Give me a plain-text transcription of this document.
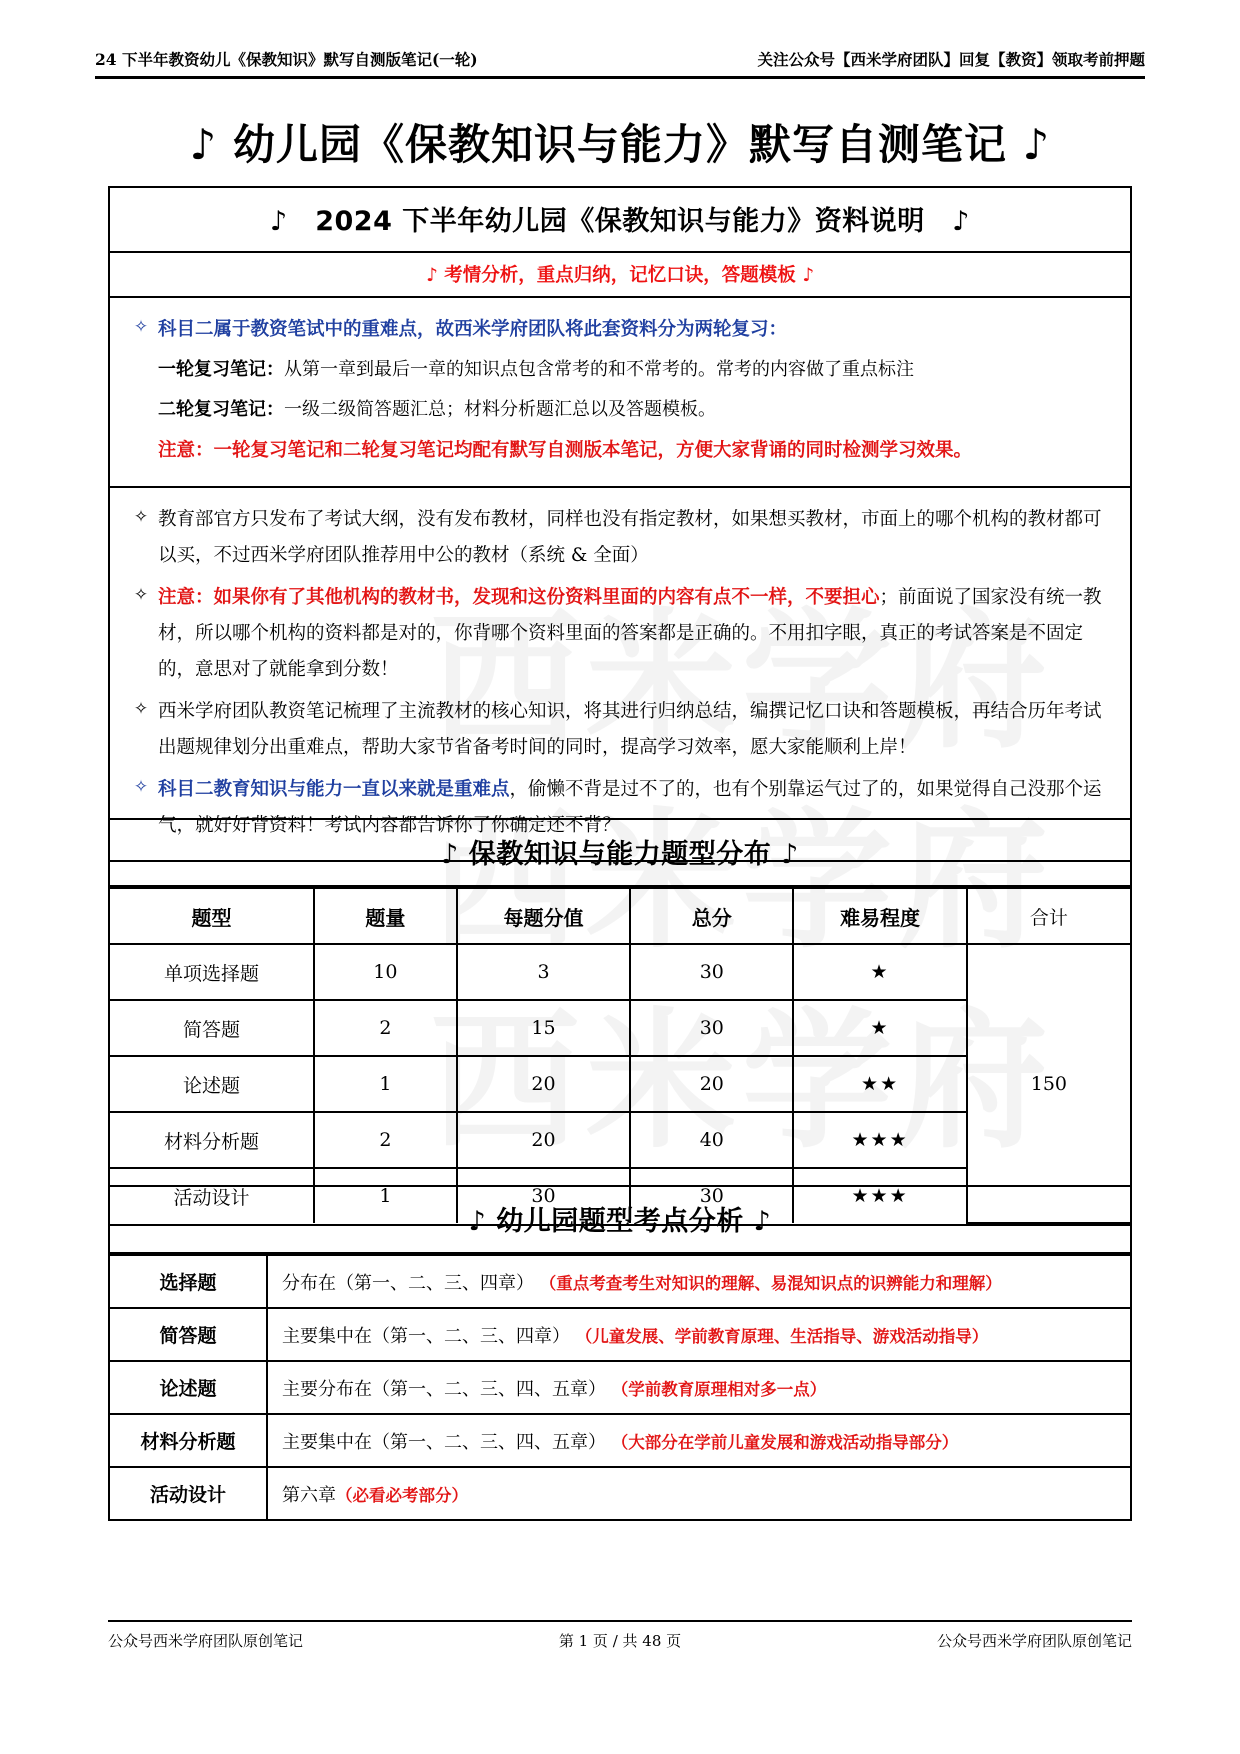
24 下半年教资幼儿《保教知识》默写自测版笔记(一轮)	关注公众号【西米学府团队】回复【教资】领取考前押题
♪ 幼儿园《保教知识与能力》默写自测笔记 ♪
♪　2024 下半年幼儿园《保教知识与能力》资料说明　♪
♪ 考情分析，重点归纳，记忆口诀，答题模板 ♪
✧ 科目二属于教资笔试中的重难点，故西米学府团队将此套资料分为两轮复习：
一轮复习笔记：从第一章到最后一章的知识点包含常考的和不常考的。常考的内容做了重点标注
二轮复习笔记：一级二级简答题汇总；材料分析题汇总以及答题模板。
注意：一轮复习笔记和二轮复习笔记均配有默写自测版本笔记，方便大家背诵的同时检测学习效果。
✧ 教育部官方只发布了考试大纲，没有发布教材，同样也没有指定教材，如果想买教材，市面上的哪个机构的教材都可以买，不过西米学府团队推荐用中公的教材（系统 & 全面）
✧ 注意：如果你有了其他机构的教材书，发现和这份资料里面的内容有点不一样，不要担心；前面说了国家没有统一教材，所以哪个机构的资料都是对的，你背哪个资料里面的答案都是正确的。不用扣字眼，真正的考试答案是不固定的，意思对了就能拿到分数！
✧ 西米学府团队教资笔记梳理了主流教材的核心知识，将其进行归纳总结，编撰记忆口诀和答题模板，再结合历年考试出题规律划分出重难点，帮助大家节省备考时间的同时，提高学习效率，愿大家能顺利上岸！
✧ 科目二教育知识与能力一直以来就是重难点，偷懒不背是过不了的，也有个别靠运气过了的，如果觉得自己没那个运气，就好好背资料！考试内容都告诉你了你确定还不背？
♪ 保教知识与能力题型分布 ♪
题型	题量	每题分值	总分	难易程度	合计
单项选择题	10	3	30	★	150
简答题	2	15	30	★	
论述题	1	20	20	★★	
材料分析题	2	20	40	★★★	
活动设计	1	30	30	★★★	
♪ 幼儿园题型考点分析 ♪
选择题	分布在（第一、二、三、四章） （重点考查考生对知识的理解、易混知识点的识辨能力和理解）
简答题	主要集中在（第一、二、三、四章） （儿童发展、学前教育原理、生活指导、游戏活动指导）
论述题	主要分布在（第一、二、三、四、五章） （学前教育原理相对多一点）
材料分析题	主要集中在（第一、二、三、四、五章） （大部分在学前儿童发展和游戏活动指导部分）
活动设计	第六章（必看必考部分）
公众号西米学府团队原创笔记	第 1 页 / 共 48 页	公众号西米学府团队原创笔记
